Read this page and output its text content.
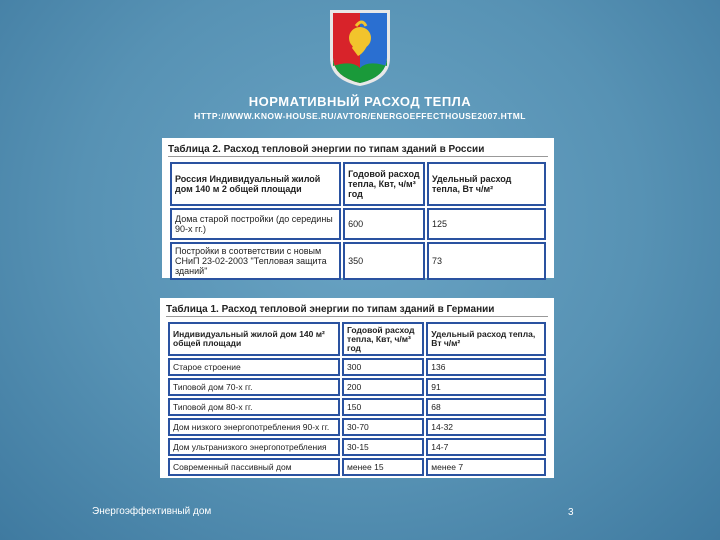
НОРМАТИВНЫЙ РАСХОД ТЕПЛА
HTTP://WWW.KNOW-HOUSE.RU/AVTOR/ENERGOEFFECTHOUSE2007.HTML
Таблица 2. Расход тепловой энергии по типам зданий в России
Россия Индивидуальный жилой дом 140 м 2 общей площади	Годовой расход тепла, Квт, ч/м³ год	Удельный расход тепла, Вт ч/м²
Дома старой постройки (до середины 90-х гг.)	600	125
Постройки в соответствии с новым СНиП 23-02-2003 "Тепловая защита зданий"	350	73
Таблица 1. Расход тепловой энергии по типам зданий в Германии
Индивидуальный жилой дом 140 м² общей площади	Годовой расход тепла, Квт, ч/м³ год	Удельный расход тепла, Вт ч/м²
Старое строение	300	136
Типовой дом 70-х гг.	200	91
Типовой дом 80-х гг.	150	68
Дом низкого энергопотребления 90-х гг.	30-70	14-32
Дом ультранизкого энергопотребления	30-15	14-7
Современный пассивный дом	менее 15	менее 7
Энергоэффективный дом	3
